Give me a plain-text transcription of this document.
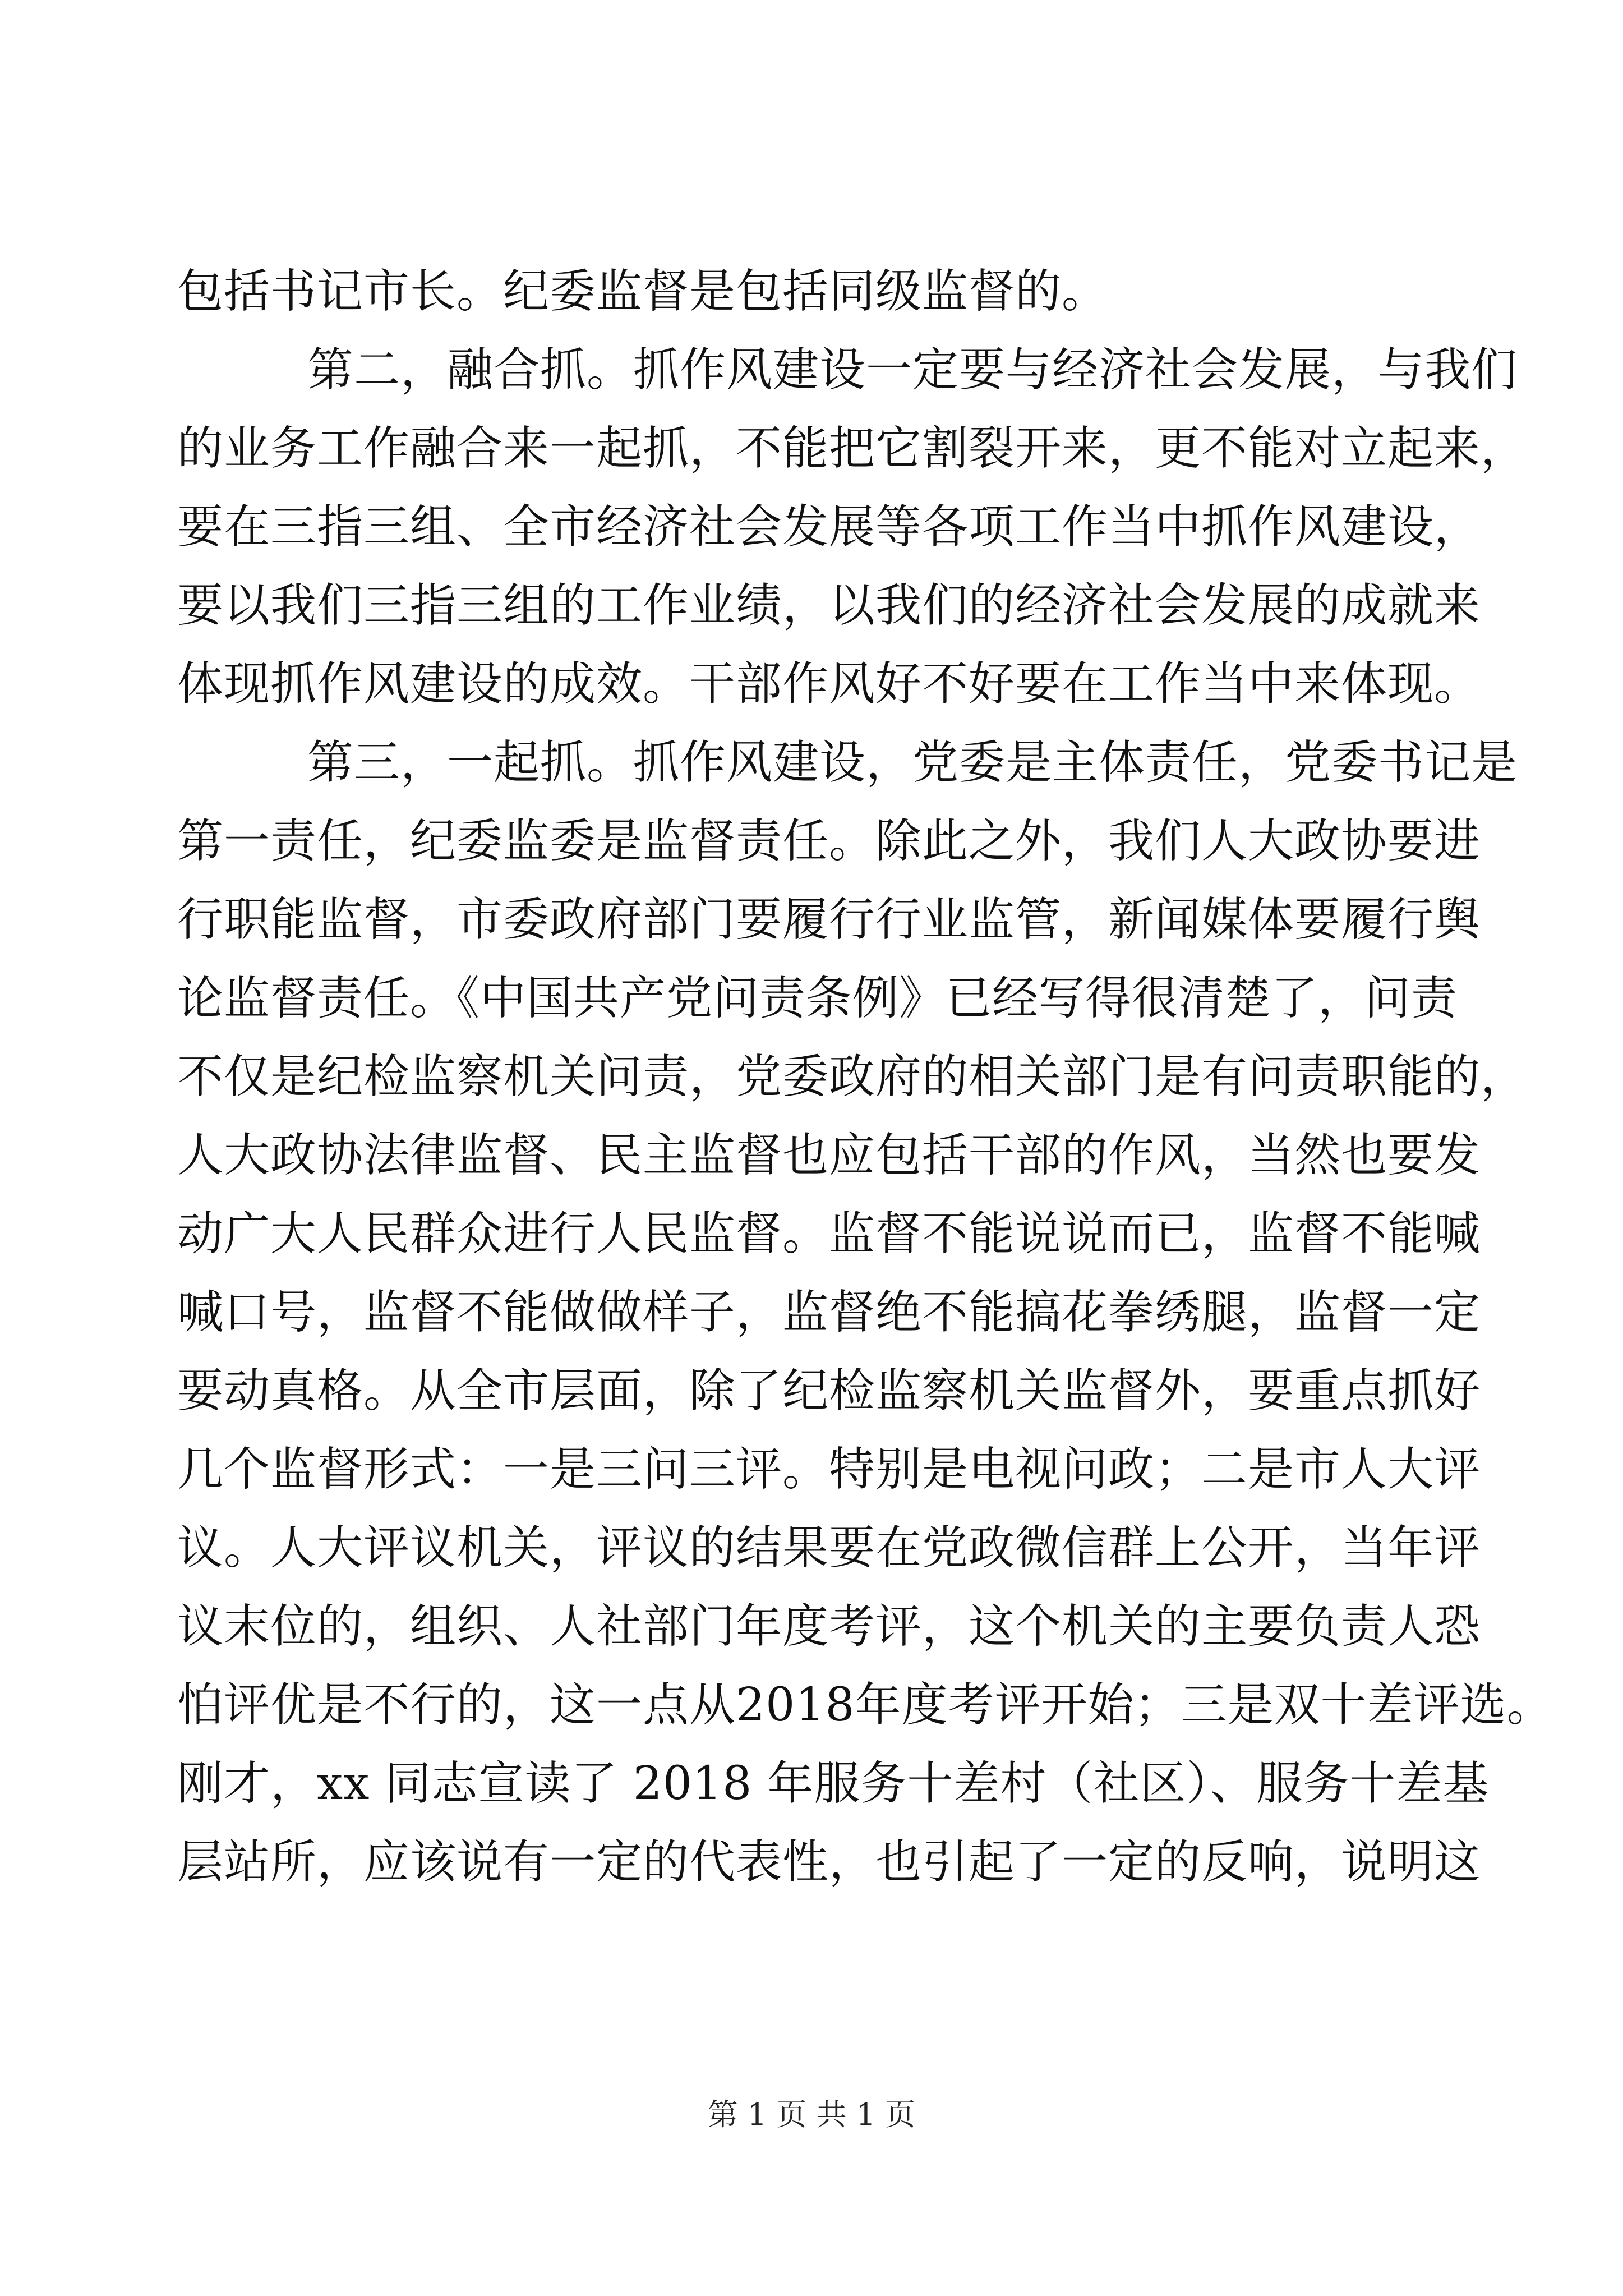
包括书记市长。纪委监督是包括同级监督的。
第二，融合抓。抓作风建设一定要与经济社会发展，与我们
的业务工作融合来一起抓，不能把它割裂开来，更不能对立起来，
要在三指三组、全市经济社会发展等各项工作当中抓作风建设，
要以我们三指三组的工作业绩，以我们的经济社会发展的成就来
体现抓作风建设的成效。干部作风好不好要在工作当中来体现。
第三，一起抓。抓作风建设，党委是主体责任，党委书记是
第一责任，纪委监委是监督责任。除此之外，我们人大政协要进
行职能监督，市委政府部门要履行行业监管，新闻媒体要履行舆
论监督责任。《中国共产党问责条例》已经写得很清楚了，问责
不仅是纪检监察机关问责，党委政府的相关部门是有问责职能的，
人大政协法律监督、民主监督也应包括干部的作风，当然也要发
动广大人民群众进行人民监督。监督不能说说而已，监督不能喊
喊口号，监督不能做做样子，监督绝不能搞花拳绣腿，监督一定
要动真格。从全市层面，除了纪检监察机关监督外，要重点抓好
几个监督形式：一是三问三评。特别是电视问政；二是市人大评
议。人大评议机关，评议的结果要在党政微信群上公开，当年评
议末位的，组织、人社部门年度考评，这个机关的主要负责人恐
怕评优是不行的，这一点从2018年度考评开始；三是双十差评选。
刚才，xx 同志宣读了 2018 年服务十差村（社区）、服务十差基
层站所，应该说有一定的代表性，也引起了一定的反响，说明这
第 1 页 共 1 页
